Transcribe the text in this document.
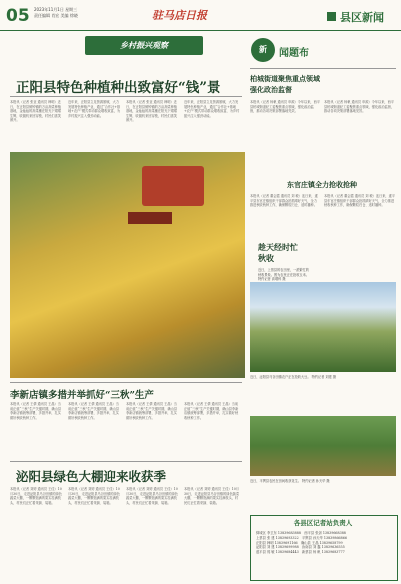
05 2023年11月1日 星期三
责任编辑 肖宏 美编 徐晓	驻马店日报	县区新闻
乡村振兴观察
正阳县特色种植种出致富好“钱”景
本报讯（记者 张亚 通讯员 韩明）近日，在正阳县铜钟镇的万亩高粱种植基地，金灿灿的高粱穗在阳光下熠熠生辉，收割机来回穿梭，村民们喜笑颜开。
近年来，正阳县立足资源禀赋，大力发展特色种植产业，通过“合作社+基地+农户”模式带动群众增收致富，为乡村振兴注入强劲动能。
本报讯（记者 张亚 通讯员 韩明）近日，在正阳县铜钟镇的万亩高粱种植基地，金灿灿的高粱穗在阳光下熠熠生辉，收割机来回穿梭，村民们喜笑颜开。
近年来，正阳县立足资源禀赋，大力发展特色种植产业，通过“合作社+基地+农户”模式带动群众增收致富，为乡村振兴注入强劲动能。
趁天经时忙秋收
近日，上蔡县的农田里，一派繁忙的秋收景象。图为农民正在抢收玉米。 特约记者 高增科 摄
新	闻题布
柏城街道聚焦重点领域
强化政治监督
本报讯（记者 杨帆 通讯员 申源）今年以来，西平县柏城街道纪工委聚焦重点领域，强化政治监督，推动各项决策部署落地见效。
本报讯（记者 杨帆 通讯员 申源）今年以来，西平县柏城街道纪工委聚焦重点领域，强化政治监督，推动各项决策部署落地见效。
东官庄镇全力抢收抢种
本报讯（记者 董会霞 通讯员 刘 敏）连日来，遂平县东官庄镇组织干部群众抢抓晴好天气，全力推进秋收秋种工作，确保颗粒归仓、适时播种。
本报讯（记者 董会霞 通讯员 刘 敏）连日来，遂平县东官庄镇组织干部群众抢抓晴好天气，全力推进秋收秋种工作，确保颗粒归仓、适时播种。
近日，泌阳县马谷田镇农户正在抢收大豆。 特约记者 刘建 摄
近日，平舆县农民在田间收获花生。 特约记者 孙天华 摄
李新店镇多措并举抓好“三秋”生产
本报讯（记者 王倩 通讯员 王晶）当前正值“三秋”生产关键时期，确山县李新店镇统筹部署，多措并举，扎实做好秋收秋种工作。
本报讯（记者 王倩 通讯员 王晶）当前正值“三秋”生产关键时期，确山县李新店镇统筹部署，多措并举，扎实做好秋收秋种工作。
本报讯（记者 王倩 通讯员 王晶）当前正值“三秋”生产关键时期，确山县李新店镇统筹部署，多措并举，扎实做好秋收秋种工作。
本报讯（记者 王倩 通讯员 王晶）当前正值“三秋”生产关键时期，确山县李新店镇统筹部署，多措并举，扎实做好秋收秋种工作。
泌阳县绿色大棚迎来收获季
本报讯（记者 刘婷 通讯员 王佳）10月30日，走进泌阳县马谷田镇的绿色蔬菜大棚，一颗颗饱满的果实挂满枝头，村民们正忙着采摘、装箱。
本报讯（记者 刘婷 通讯员 王佳）10月30日，走进泌阳县马谷田镇的绿色蔬菜大棚，一颗颗饱满的果实挂满枝头，村民们正忙着采摘、装箱。
本报讯（记者 刘婷 通讯员 王佳）10月30日，走进泌阳县马谷田镇的绿色蔬菜大棚，一颗颗饱满的果实挂满枝头，村民们正忙着采摘、装箱。
本报讯（记者 刘婷 通讯员 王佳）10月30日，走进泌阳县马谷田镇的绿色蔬菜大棚，一颗颗饱满的果实挂满枝头，村民们正忙着采摘、装箱。
各县区记者站负责人
驿城区 李卫东 13839683888　 西平县 张剑 13839668388
上蔡县 张 建 13839693322　 平舆县 孙天华 13839866866
正阳县 韩明 13839691166　 确山县 王晶 13839658799
泌阳县 刘 建 13839699988　 汝南县 刘 鑫 13839636555
遂平县 郭 敏 13839684443　 新蔡县 杨 帆 13839683777
